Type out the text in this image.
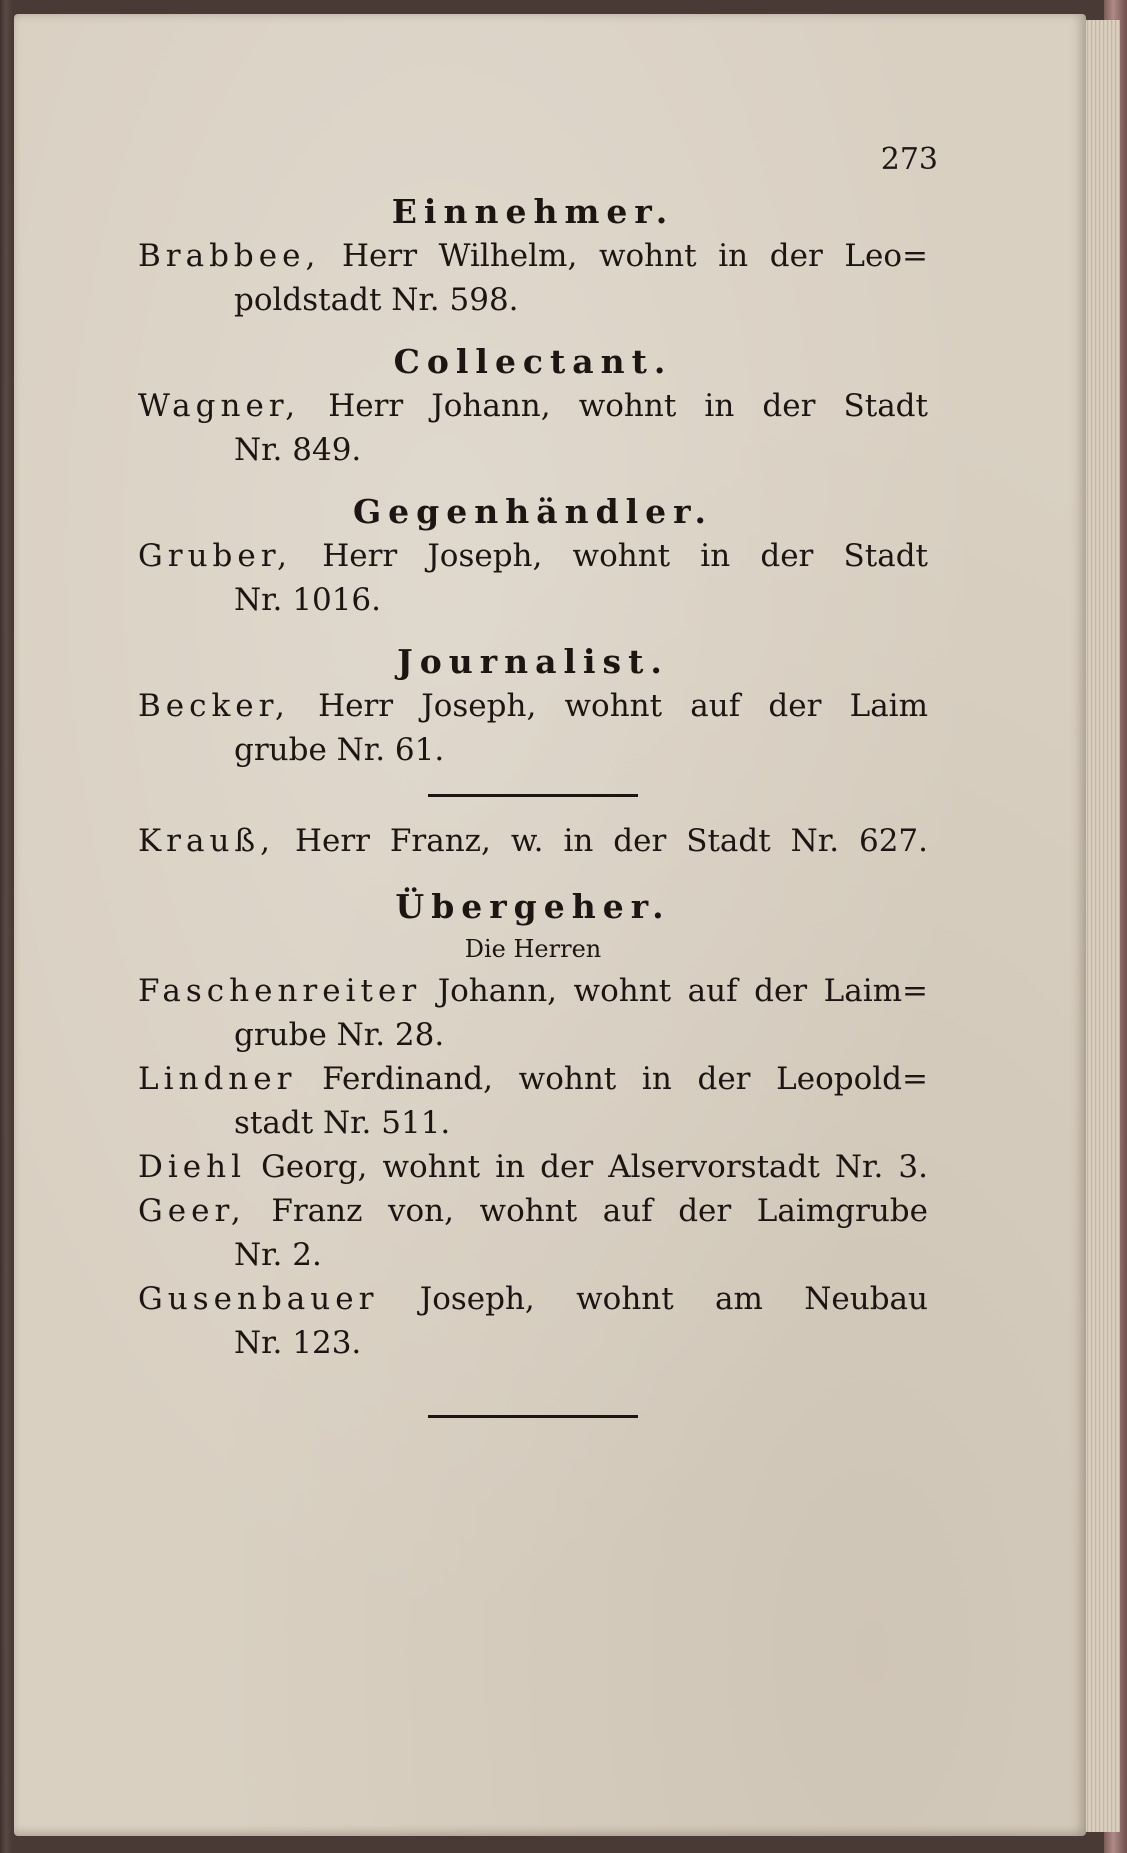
273
Einnehmer.
Brabbee, Herr Wilhelm, wohnt in der Leo=
poldstadt Nr. 598.
Collectant.
Wagner, Herr Johann, wohnt in der Stadt
Nr. 849.
Gegenhändler.
Gruber, Herr Joseph, wohnt in der Stadt
Nr. 1016.
Journalist.
Becker, Herr Joseph, wohnt auf der Laim
grube Nr. 61.
Krauß, Herr Franz, w. in der Stadt Nr. 627.
Übergeher.
Die Herren
Faschenreiter Johann, wohnt auf der Laim=
grube Nr. 28.
Lindner Ferdinand, wohnt in der Leopold=
stadt Nr. 511.
Diehl Georg, wohnt in der Alservorstadt Nr. 3.
Geer, Franz von, wohnt auf der Laimgrube
Nr. 2.
Gusenbauer Joseph, wohnt am Neubau
Nr. 123.
